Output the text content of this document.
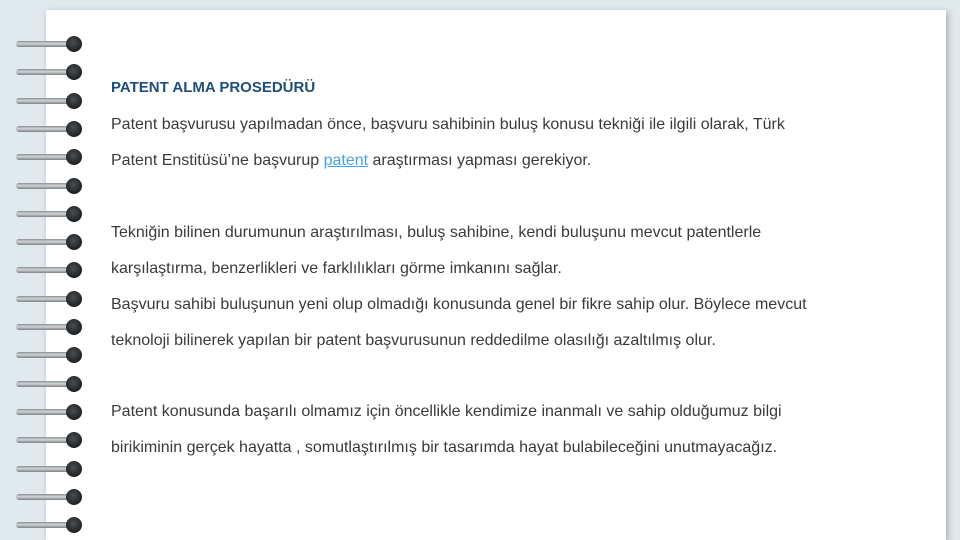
PATENT ALMA PROSEDÜRÜ
Patent başvurusu yapılmadan önce, başvuru sahibinin buluş konusu tekniği ile ilgili olarak, Türk
Patent Enstitüsü’ne başvurup patent araştırması yapması gerekiyor.
Tekniğin bilinen durumunun araştırılması, buluş sahibine, kendi buluşunu mevcut patentlerle
karşılaştırma, benzerlikleri ve farklılıkları görme imkanını sağlar.
Başvuru sahibi buluşunun yeni olup olmadığı konusunda genel bir fikre sahip olur. Böylece mevcut
teknoloji bilinerek yapılan bir patent başvurusunun reddedilme olasılığı azaltılmış olur.
Patent konusunda başarılı olmamız için öncellikle kendimize inanmalı ve sahip olduğumuz bilgi
birikiminin gerçek hayatta , somutlaştırılmış bir tasarımda hayat bulabileceğini unutmayacağız.
